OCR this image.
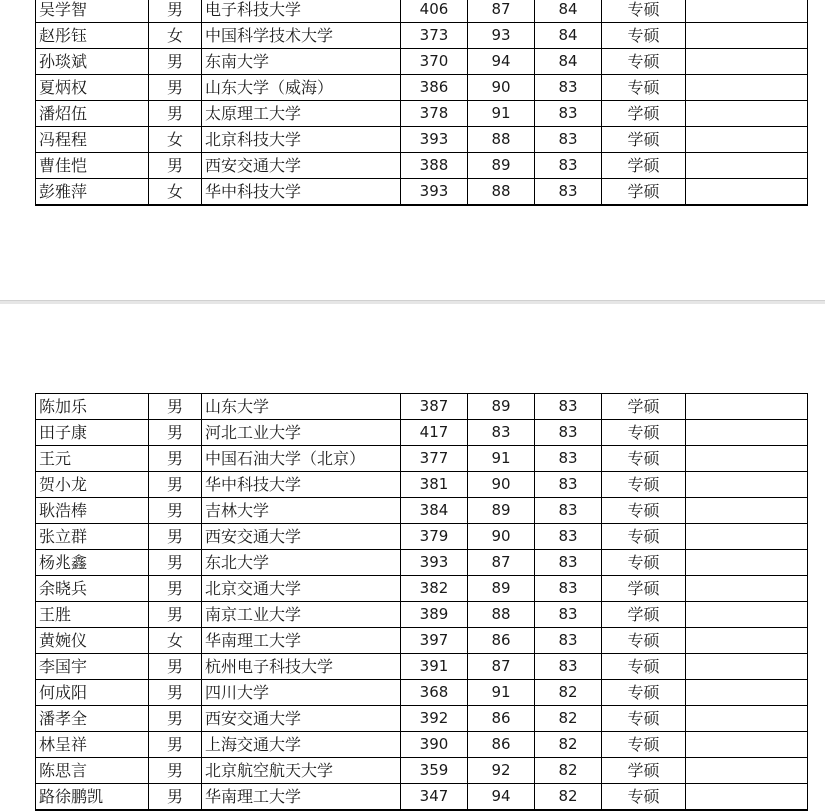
吴学智	男	电子科技大学	406	87	84	专硕	
赵彤钰	女	中国科学技术大学	373	93	84	专硕	
孙琰斌	男	东南大学	370	94	84	专硕	
夏炳权	男	山东大学（威海）	386	90	83	专硕	
潘炤伍	男	太原理工大学	378	91	83	学硕	
冯程程	女	北京科技大学	393	88	83	学硕	
曹佳恺	男	西安交通大学	388	89	83	学硕	
彭雅萍	女	华中科技大学	393	88	83	学硕	
陈加乐	男	山东大学	387	89	83	学硕	
田子康	男	河北工业大学	417	83	83	专硕	
王元	男	中国石油大学（北京）	377	91	83	专硕	
贺小龙	男	华中科技大学	381	90	83	专硕	
耿浩棒	男	吉林大学	384	89	83	专硕	
张立群	男	西安交通大学	379	90	83	专硕	
杨兆鑫	男	东北大学	393	87	83	专硕	
余晓兵	男	北京交通大学	382	89	83	学硕	
王胜	男	南京工业大学	389	88	83	学硕	
黄婉仪	女	华南理工大学	397	86	83	专硕	
李国宇	男	杭州电子科技大学	391	87	83	专硕	
何成阳	男	四川大学	368	91	82	专硕	
潘孝全	男	西安交通大学	392	86	82	专硕	
林呈祥	男	上海交通大学	390	86	82	专硕	
陈思言	男	北京航空航天大学	359	92	82	学硕	
路徐鹏凯	男	华南理工大学	347	94	82	专硕	
